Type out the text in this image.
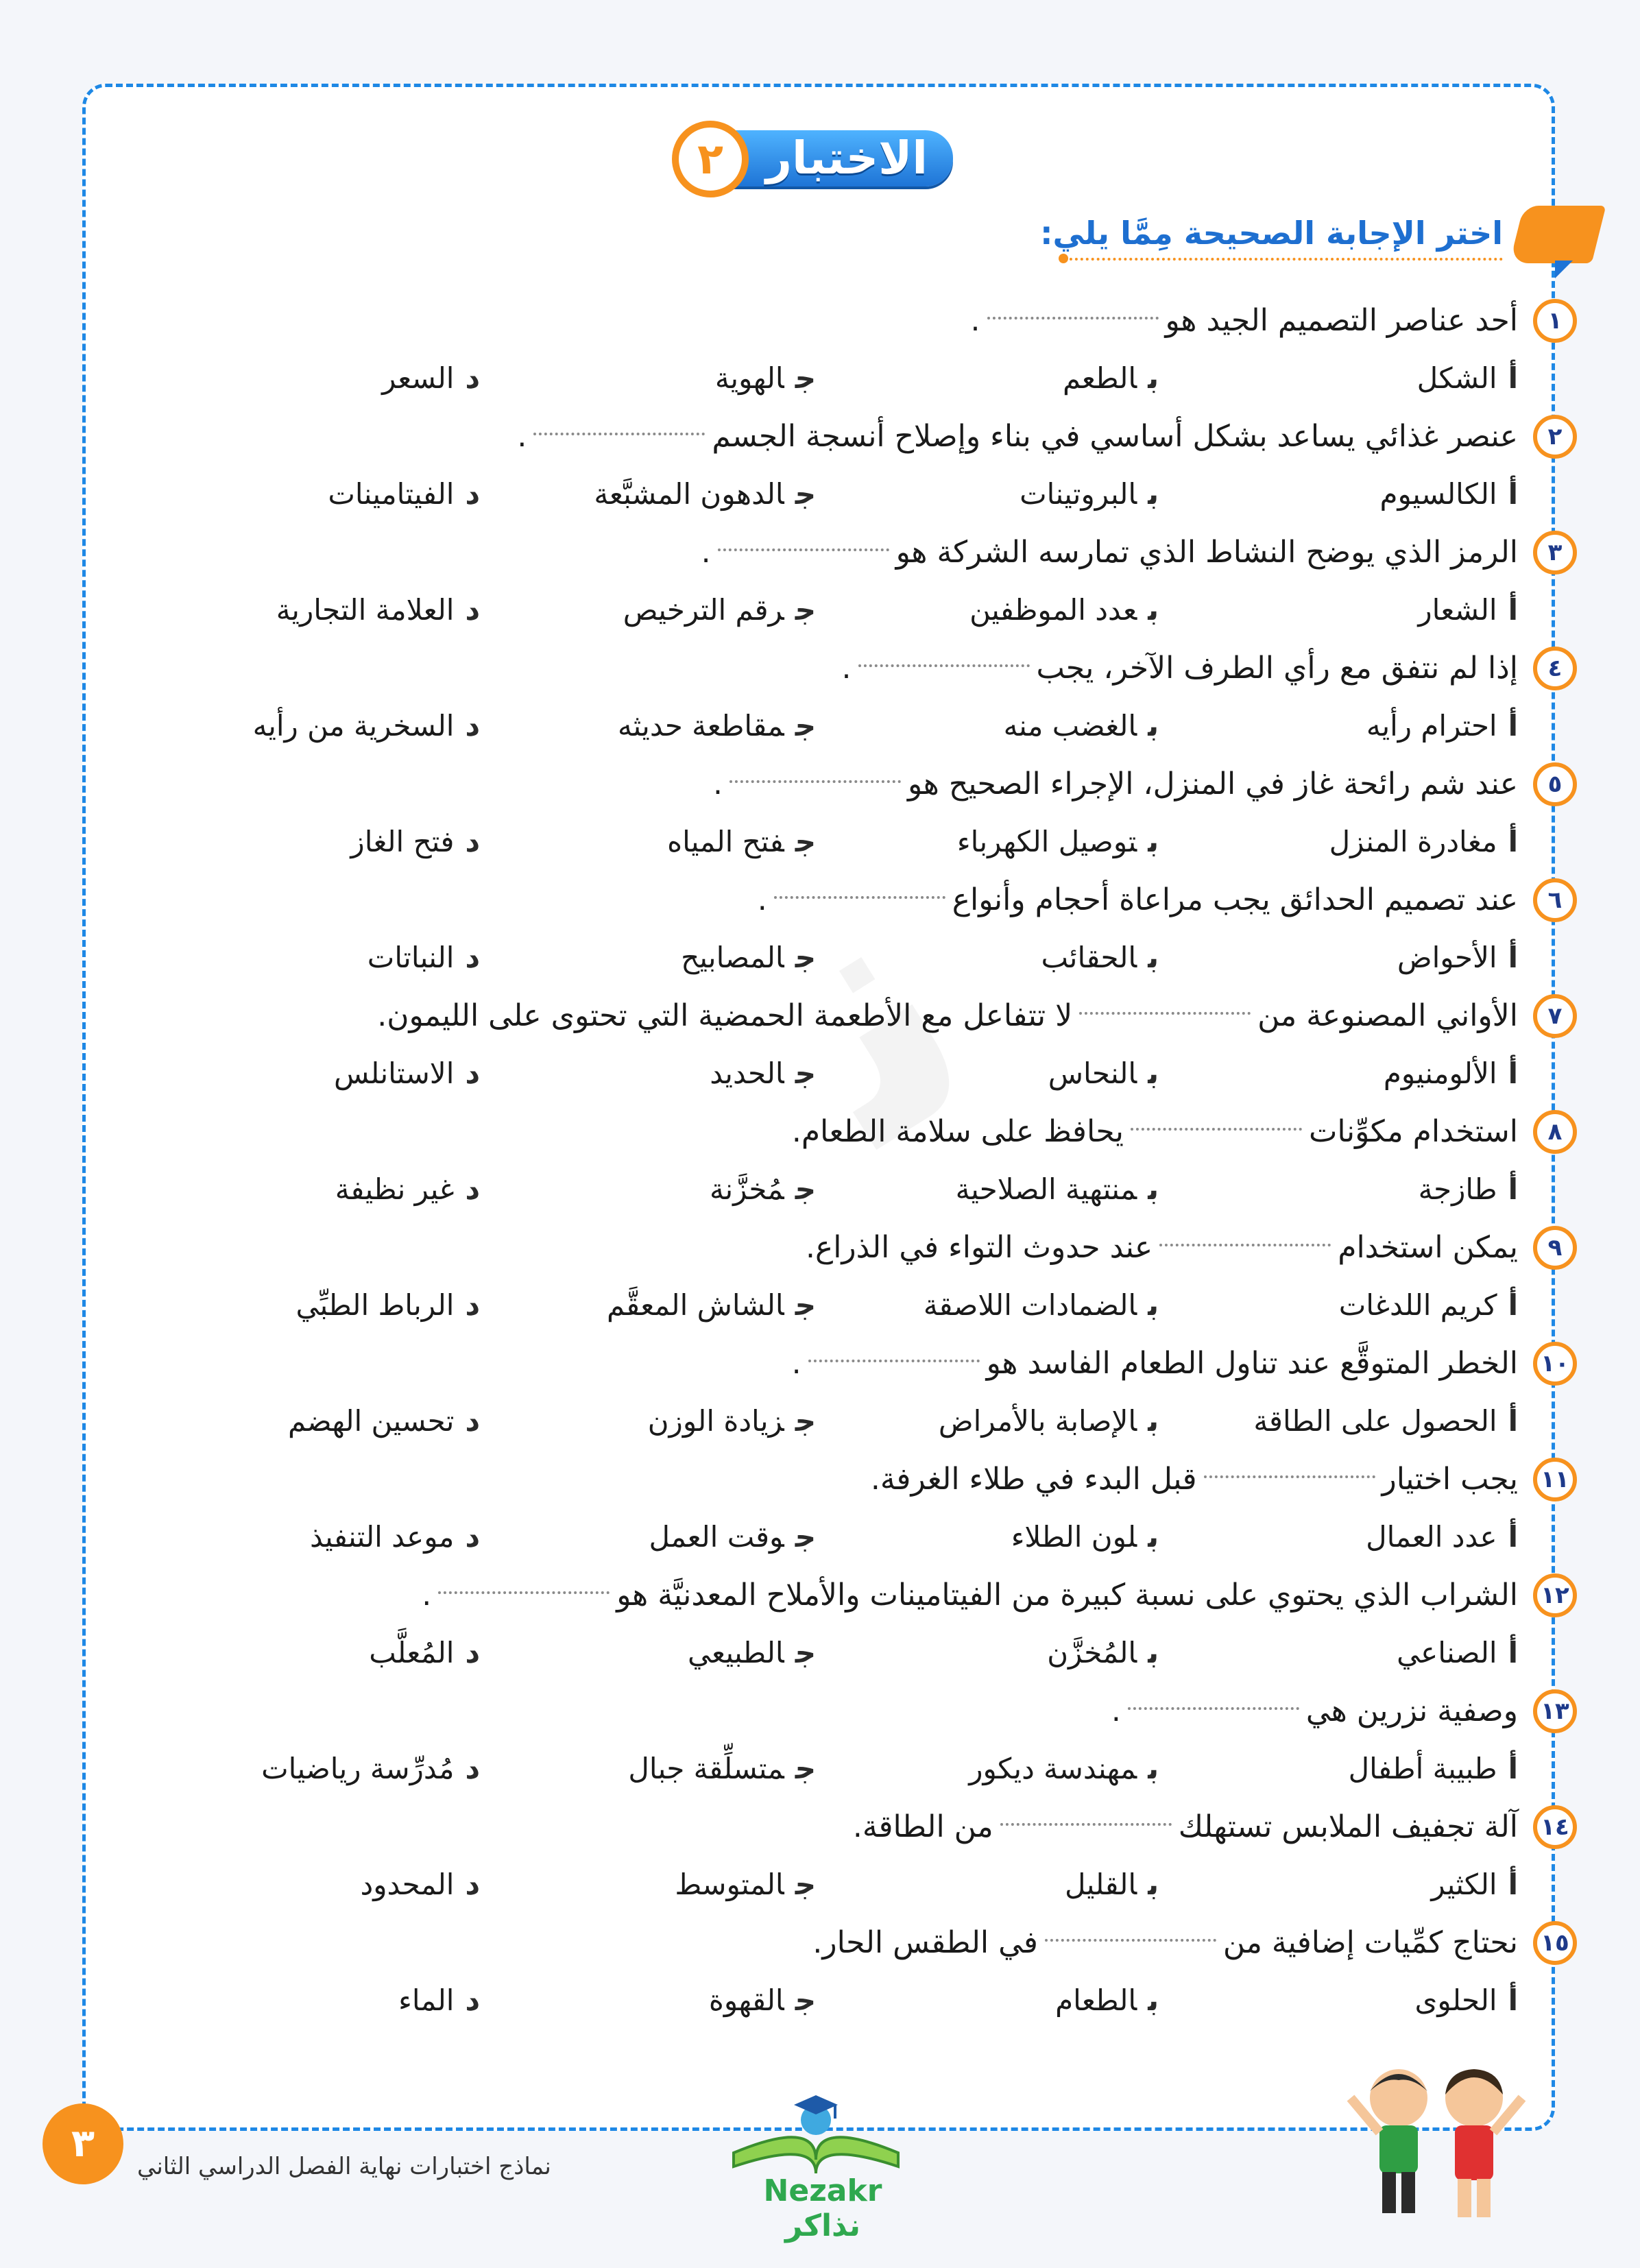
الاختبار
٢
اختر الإجابة الصحيحة مِمَّا يلي:
١
أحد عناصر التصميم الجيد هو.
أالشكل
بالطعم
جالهوية
دالسعر
٢
عنصر غذائي يساعد بشكل أساسي في بناء وإصلاح أنسجة الجسم.
أالكالسيوم
بالبروتينات
جالدهون المشبَّعة
دالفيتامينات
٣
الرمز الذي يوضح النشاط الذي تمارسه الشركة هو.
أالشعار
بعدد الموظفين
جرقم الترخيص
دالعلامة التجارية
٤
إذا لم نتفق مع رأي الطرف الآخر، يجب.
أاحترام رأيه
بالغضب منه
جمقاطعة حديثه
دالسخرية من رأيه
٥
عند شم رائحة غاز في المنزل، الإجراء الصحيح هو.
أمغادرة المنزل
بتوصيل الكهرباء
جفتح المياه
دفتح الغاز
٦
عند تصميم الحدائق يجب مراعاة أحجام وأنواع.
أالأحواض
بالحقائب
جالمصابيح
دالنباتات
٧
الأواني المصنوعة منلا تتفاعل مع الأطعمة الحمضية التي تحتوى على الليمون.
أالألومنيوم
بالنحاس
جالحديد
دالاستانلس
٨
استخدام مكوِّناتيحافظ على سلامة الطعام.
أطازجة
بمنتهية الصلاحية
جمُخزَّنة
دغير نظيفة
٩
يمكن استخدامعند حدوث التواء في الذراع.
أكريم اللدغات
بالضمادات اللاصقة
جالشاش المعقَّم
دالرباط الطبِّي
١٠
الخطر المتوقَّع عند تناول الطعام الفاسد هو.
أالحصول على الطاقة
بالإصابة بالأمراض
جزيادة الوزن
دتحسين الهضم
١١
يجب اختيارقبل البدء في طلاء الغرفة.
أعدد العمال
بلون الطلاء
جوقت العمل
دموعد التنفيذ
١٢
الشراب الذي يحتوي على نسبة كبيرة من الفيتامينات والأملاح المعدنيَّة هو.
أالصناعي
بالمُخزَّن
جالطبيعي
دالمُعلَّب
١٣
وصفية نزرين هي.
أطبيبة أطفال
بمهندسة ديكور
جمتسلِّقة جبال
دمُدرِّسة رياضيات
١٤
آلة تجفيف الملابس تستهلكمن الطاقة.
أالكثير
بالقليل
جالمتوسط
دالمحدود
١٥
نحتاج كمِّيات إضافية منفي الطقس الحار.
أالحلوى
بالطعام
جالقهوة
دالماء
٣
نماذج اختبارات نهاية الفصل الدراسي الثاني
Nezakr نذاكر
